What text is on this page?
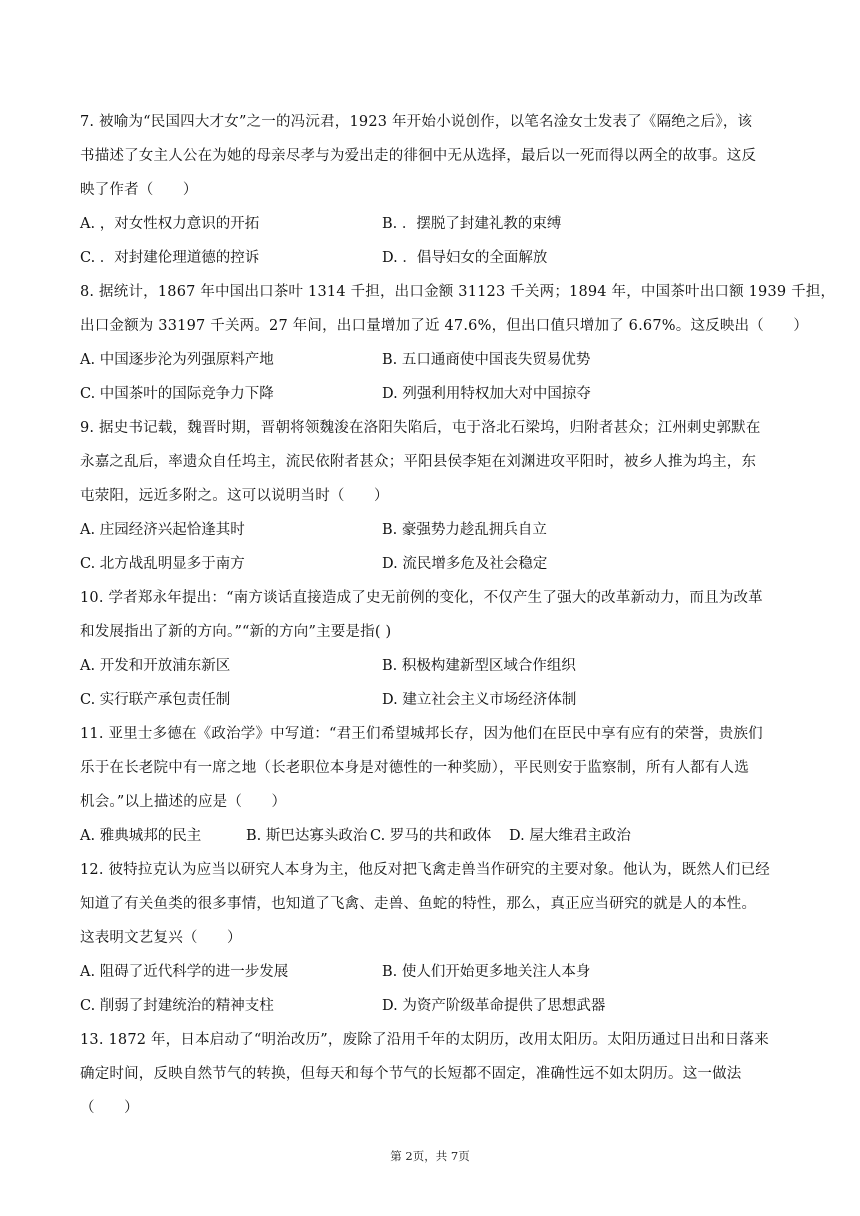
7. 被喻为“民国四大才女”之一的冯沅君，1923 年开始小说创作，以笔名淦女士发表了《隔绝之后》，该
书描述了女主人公在为她的母亲尽孝与为爱出走的徘徊中无从选择，最后以一死而得以两全的故事。这反
映了作者（　　）
A. ，对女性权力意识的开拓	B. ．摆脱了封建礼教的束缚
C. ．对封建伦理道德的控诉	D. ．倡导妇女的全面解放
8. 据统计，1867 年中国出口茶叶 1314 千担，出口金额 31123 千关两；1894 年，中国茶叶出口额 1939 千担，
出口金额为 33197 千关两。27 年间，出口量增加了近 47.6%，但出口值只增加了 6.67%。这反映出（　　）
A. 中国逐步沦为列强原料产地	B. 五口通商使中国丧失贸易优势
C. 中国茶叶的国际竞争力下降	D. 列强利用特权加大对中国掠夺
9. 据史书记载，魏晋时期，晋朝将领魏浚在洛阳失陷后，屯于洛北石梁坞，归附者甚众；江州刺史郭默在
永嘉之乱后，率遗众自任坞主，流民依附者甚众；平阳县侯李矩在刘渊进攻平阳时，被乡人推为坞主，东
屯荥阳，远近多附之。这可以说明当时（　　）
A. 庄园经济兴起恰逢其时	B. 豪强势力趁乱拥兵自立
C. 北方战乱明显多于南方	D. 流民增多危及社会稳定
10. 学者郑永年提出：“南方谈话直接造成了史无前例的变化，不仅产生了强大的改革新动力，而且为改革
和发展指出了新的方向。”“新的方向”主要是指( )
A. 开发和开放浦东新区	B. 积极构建新型区域合作组织
C. 实行联产承包责任制	D. 建立社会主义市场经济体制
11. 亚里士多德在《政治学》中写道：“君王们希望城邦长存，因为他们在臣民中享有应有的荣誉，贵族们
乐于在长老院中有一席之地（长老职位本身是对德性的一种奖励），平民则安于监察制，所有人都有人选
机会。”以上描述的应是（　　）
A. 雅典城邦的民主	B. 斯巴达寡头政治 C. 罗马的共和政体	D. 屋大维君主政治
12. 彼特拉克认为应当以研究人本身为主，他反对把飞禽走兽当作研究的主要对象。他认为，既然人们已经
知道了有关鱼类的很多事情，也知道了飞禽、走兽、鱼蛇的特性，那么，真正应当研究的就是人的本性。
这表明文艺复兴（　　）
A. 阻碍了近代科学的进一步发展	B. 使人们开始更多地关注人本身
C. 削弱了封建统治的精神支柱	D. 为资产阶级革命提供了思想武器
13. 1872 年，日本启动了“明治改历”，废除了沿用千年的太阴历，改用太阳历。太阳历通过日出和日落来
确定时间，反映自然节气的转换，但每天和每个节气的长短都不固定，准确性远不如太阴历。这一做法
（　　）
第 2页，共 7页
